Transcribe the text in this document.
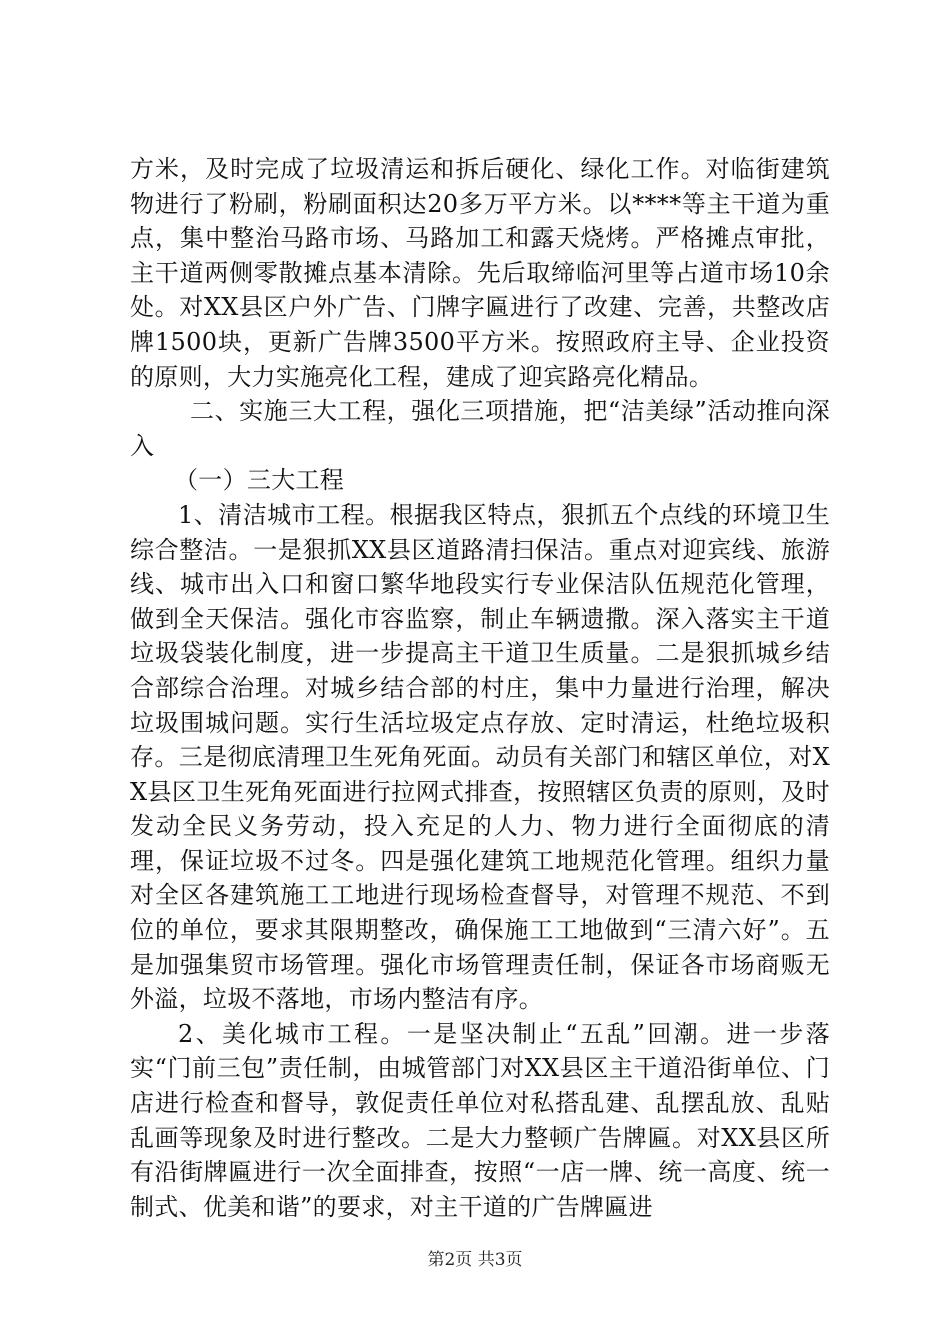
方米，及时完成了垃圾清运和拆后硬化、绿化工作。对临街建筑物进行了粉刷，粉刷面积达20多万平方米。以****等主干道为重点，集中整治马路市场、马路加工和露天烧烤。严格摊点审批，主干道两侧零散摊点基本清除。先后取缔临河里等占道市场10余处。对XX县区户外广告、门牌字匾进行了改建、完善，共整改店牌1500块，更新广告牌3500平方米。按照政府主导、企业投资的原则，大力实施亮化工程，建成了迎宾路亮化精品。

二、实施三大工程，强化三项措施，把“洁美绿”活动推向深入

（一）三大工程

1、清洁城市工程。根据我区特点，狠抓五个点线的环境卫生综合整洁。一是狠抓XX县区道路清扫保洁。重点对迎宾线、旅游线、城市出入口和窗口繁华地段实行专业保洁队伍规范化管理，做到全天保洁。强化市容监察，制止车辆遗撒。深入落实主干道垃圾袋装化制度，进一步提高主干道卫生质量。二是狠抓城乡结合部综合治理。对城乡结合部的村庄，集中力量进行治理，解决垃圾围城问题。实行生活垃圾定点存放、定时清运，杜绝垃圾积存。三是彻底清理卫生死角死面。动员有关部门和辖区单位，对XX县区卫生死角死面进行拉网式排查，按照辖区负责的原则，及时发动全民义务劳动，投入充足的人力、物力进行全面彻底的清理，保证垃圾不过冬。四是强化建筑工地规范化管理。组织力量对全区各建筑施工工地进行现场检查督导，对管理不规范、不到位的单位，要求其限期整改，确保施工工地做到“三清六好”。五是加强集贸市场管理。强化市场管理责任制，保证各市场商贩无外溢，垃圾不落地，市场内整洁有序。

2、美化城市工程。一是坚决制止“五乱”回潮。进一步落实“门前三包”责任制，由城管部门对XX县区主干道沿街单位、门店进行检查和督导，敦促责任单位对私搭乱建、乱摆乱放、乱贴乱画等现象及时进行整改。二是大力整顿广告牌匾。对XX县区所有沿街牌匾进行一次全面排查，按照“一店一牌、统一高度、统一制式、优美和谐”的要求，对主干道的广告牌匾进

第2页 共3页
